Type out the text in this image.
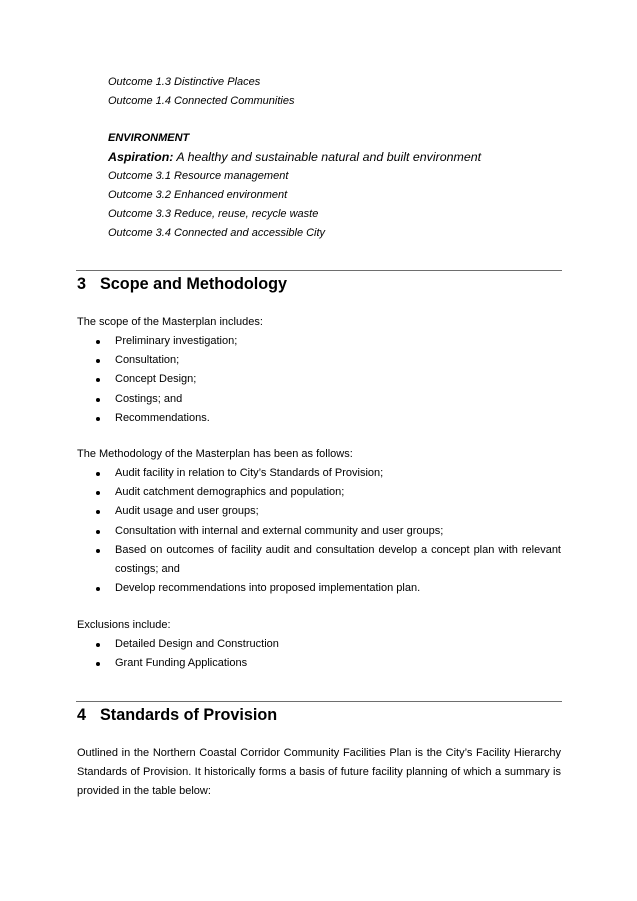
Outcome 1.3 Distinctive Places
Outcome 1.4 Connected Communities
ENVIRONMENT
Aspiration: A healthy and sustainable natural and built environment
Outcome 3.1 Resource management
Outcome 3.2 Enhanced environment
Outcome 3.3 Reduce, reuse, recycle waste
Outcome 3.4 Connected and accessible City
3 Scope and Methodology
The scope of the Masterplan includes:
Preliminary investigation;
Consultation;
Concept Design;
Costings; and
Recommendations.
The Methodology of the Masterplan has been as follows:
Audit facility in relation to City’s Standards of Provision;
Audit catchment demographics and population;
Audit usage and user groups;
Consultation with internal and external community and user groups;
Based on outcomes of facility audit and consultation develop a concept plan with relevant costings; and
Develop recommendations into proposed implementation plan.
Exclusions include:
Detailed Design and Construction
Grant Funding Applications
4 Standards of Provision
Outlined in the Northern Coastal Corridor Community Facilities Plan is the City’s Facility Hierarchy Standards of Provision. It historically forms a basis of future facility planning of which a summary is provided in the table below:
